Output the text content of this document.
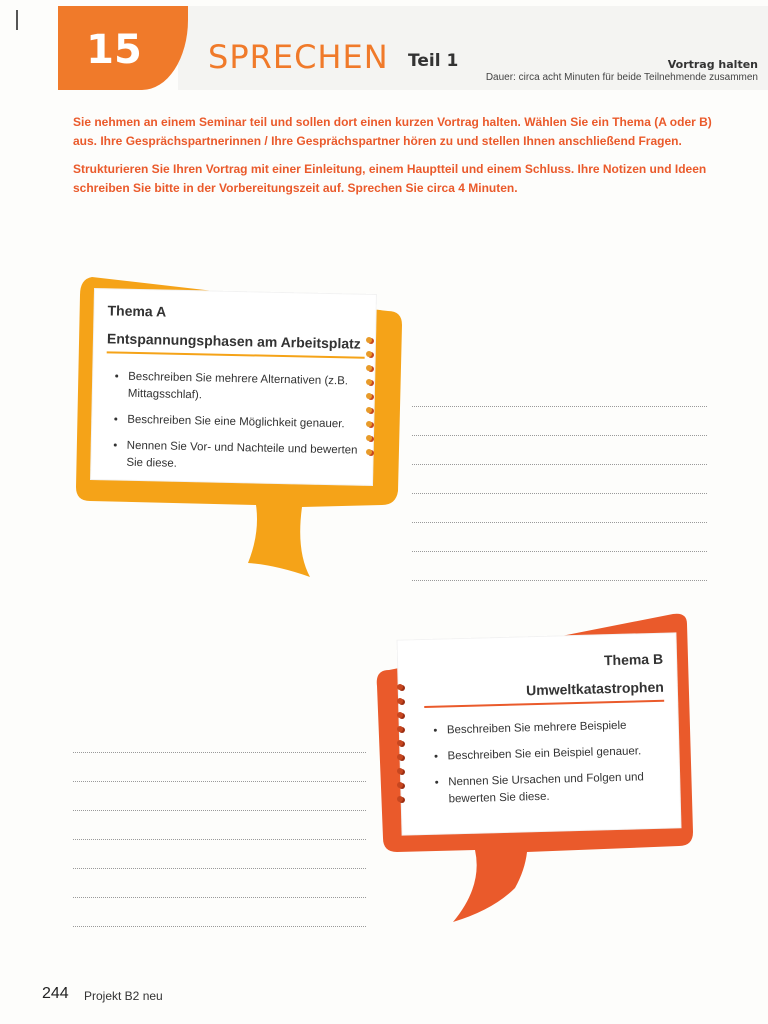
15	SPRECHEN Teil 1	Vortrag halten
Dauer: circa acht Minuten für beide Teilnehmende zusammen

Sie nehmen an einem Seminar teil und sollen dort einen kurzen Vortrag halten. Wählen Sie ein Thema (A oder B) aus. Ihre Gesprächspartnerinnen / Ihre Gesprächspartner hören zu und stellen Ihnen anschließend Fragen.

Strukturieren Sie Ihren Vortrag mit einer Einleitung, einem Hauptteil und einem Schluss. Ihre Notizen und Ideen schreiben Sie bitte in der Vorbereitungszeit auf. Sprechen Sie circa 4 Minuten.

Thema A
Entspannungsphasen am Arbeitsplatz
• Beschreiben Sie mehrere Alternativen (z.B. Mittagsschlaf).
• Beschreiben Sie eine Möglichkeit genauer.
• Nennen Sie Vor- und Nachteile und bewerten Sie diese.
Thema B
Umweltkatastrophen
• Beschreiben Sie mehrere Beispiele
• Beschreiben Sie ein Beispiel genauer.
• Nennen Sie Ursachen und Folgen und bewerten Sie diese.
244 Projekt B2 neu
